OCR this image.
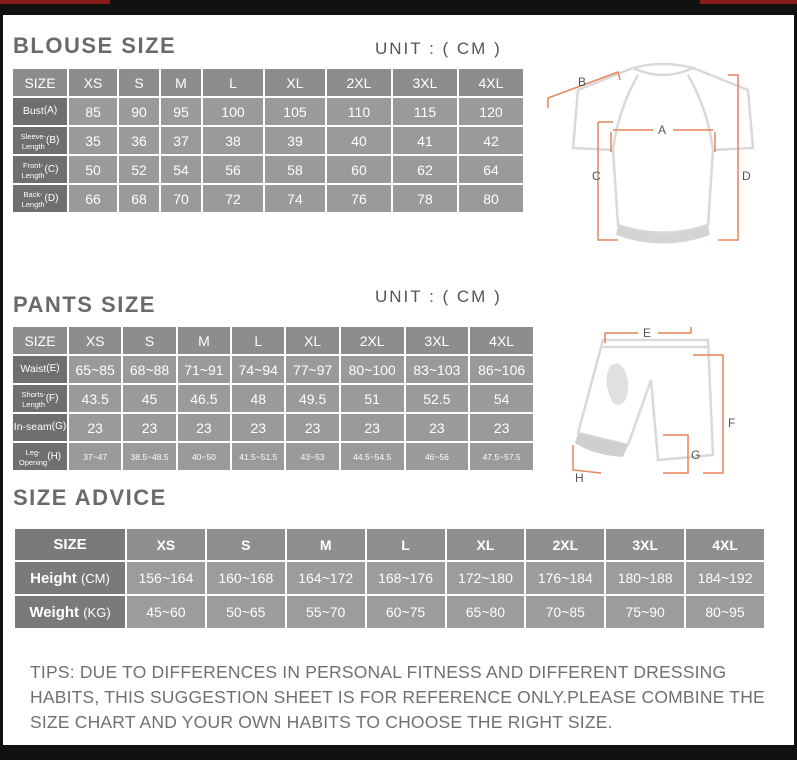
BLOUSE SIZE	UNIT : ( CM )
SIZE	XS	S	M	L	XL	2XL	3XL	4XL
Bust(A)	85	90	95	100	105	110	115	120
Sleeve-
Length(B)	35	36	37	38	39	40	41	42
Front-
Length(C)	50	52	54	56	58	60	62	64
Back-
Length(D)	66	68	70	72	74	76	78	80
B
A
C	D
PANTS SIZE	UNIT : ( CM )
SIZE	XS	S	M	L	XL	2XL	3XL	4XL
Waist(E)	65~85	68~88	71~91	74~94	77~97	80~100	83~103	86~106
Shorts-
Length(F)	43.5	45	46.5	48	49.5	51	52.5	54
In-seam(G)	23	23	23	23	23	23	23	23
Leg-
Opening(H)	37~47	38.5~48.5	40~50	41.5~51.5	43~53	44.5~54.5	46~56	47.5~57.5
E
F
G
H
SIZE ADVICE
SIZE	XS	S	M	L	XL	2XL	3XL	4XL
Height (CM)	156~164	160~168	164~172	168~176	172~180	176~184	180~188	184~192
Weight (KG)	45~60	50~65	55~70	60~75	65~80	70~85	75~90	80~95
TIPS: DUE TO DIFFERENCES IN PERSONAL FITNESS AND DIFFERENT DRESSING HABITS, THIS SUGGESTION SHEET IS FOR REFERENCE ONLY.PLEASE COMBINE THE SIZE CHART AND YOUR OWN HABITS TO CHOOSE THE RIGHT SIZE.
